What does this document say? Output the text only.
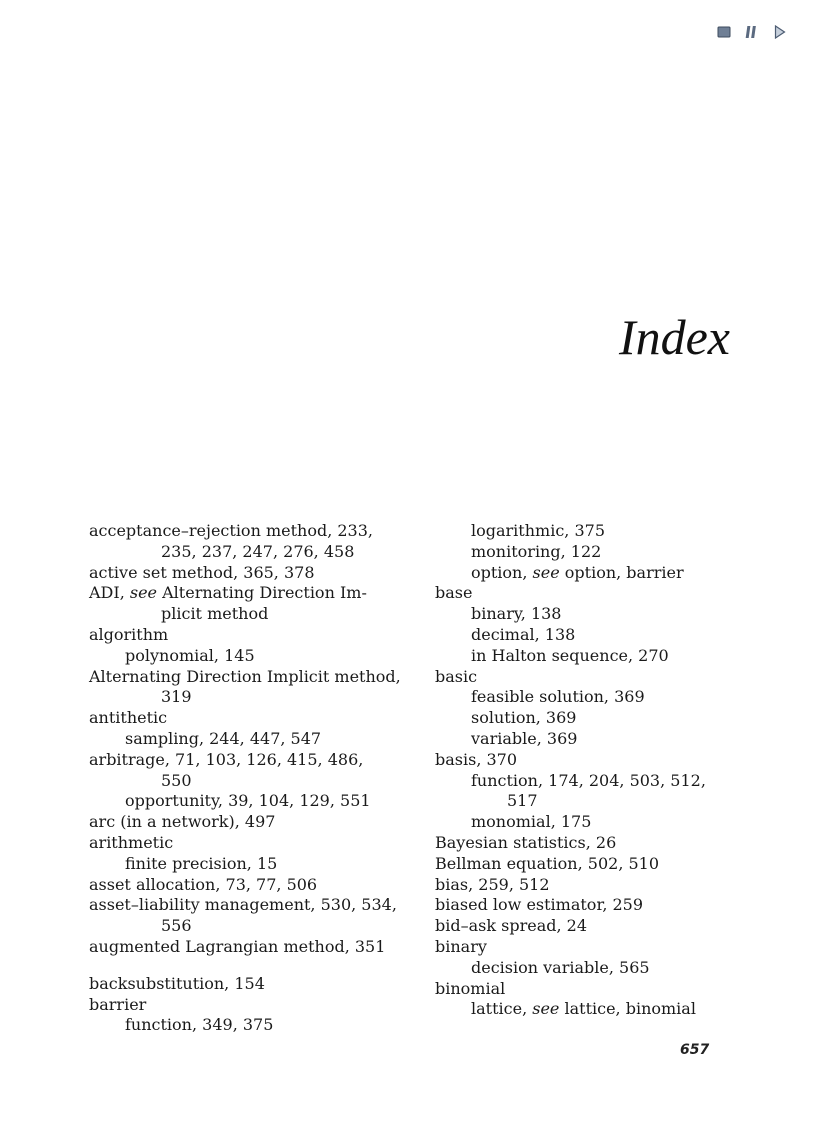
Index
acceptance–rejection method, 233,
235, 237, 247, 276, 458
active set method, 365, 378
ADI, see Alternating Direction Im-
plicit method
algorithm
polynomial, 145
Alternating Direction Implicit method,
319
antithetic
sampling, 244, 447, 547
arbitrage, 71, 103, 126, 415, 486,
550
opportunity, 39, 104, 129, 551
arc (in a network), 497
arithmetic
finite precision, 15
asset allocation, 73, 77, 506
asset–liability management, 530, 534,
556
augmented Lagrangian method, 351
backsubstitution, 154
barrier
function, 349, 375
logarithmic, 375
monitoring, 122
option, see option, barrier
base
binary, 138
decimal, 138
in Halton sequence, 270
basic
feasible solution, 369
solution, 369
variable, 369
basis, 370
function, 174, 204, 503, 512,
517
monomial, 175
Bayesian statistics, 26
Bellman equation, 502, 510
bias, 259, 512
biased low estimator, 259
bid–ask spread, 24
binary
decision variable, 565
binomial
lattice, see lattice, binomial
657
